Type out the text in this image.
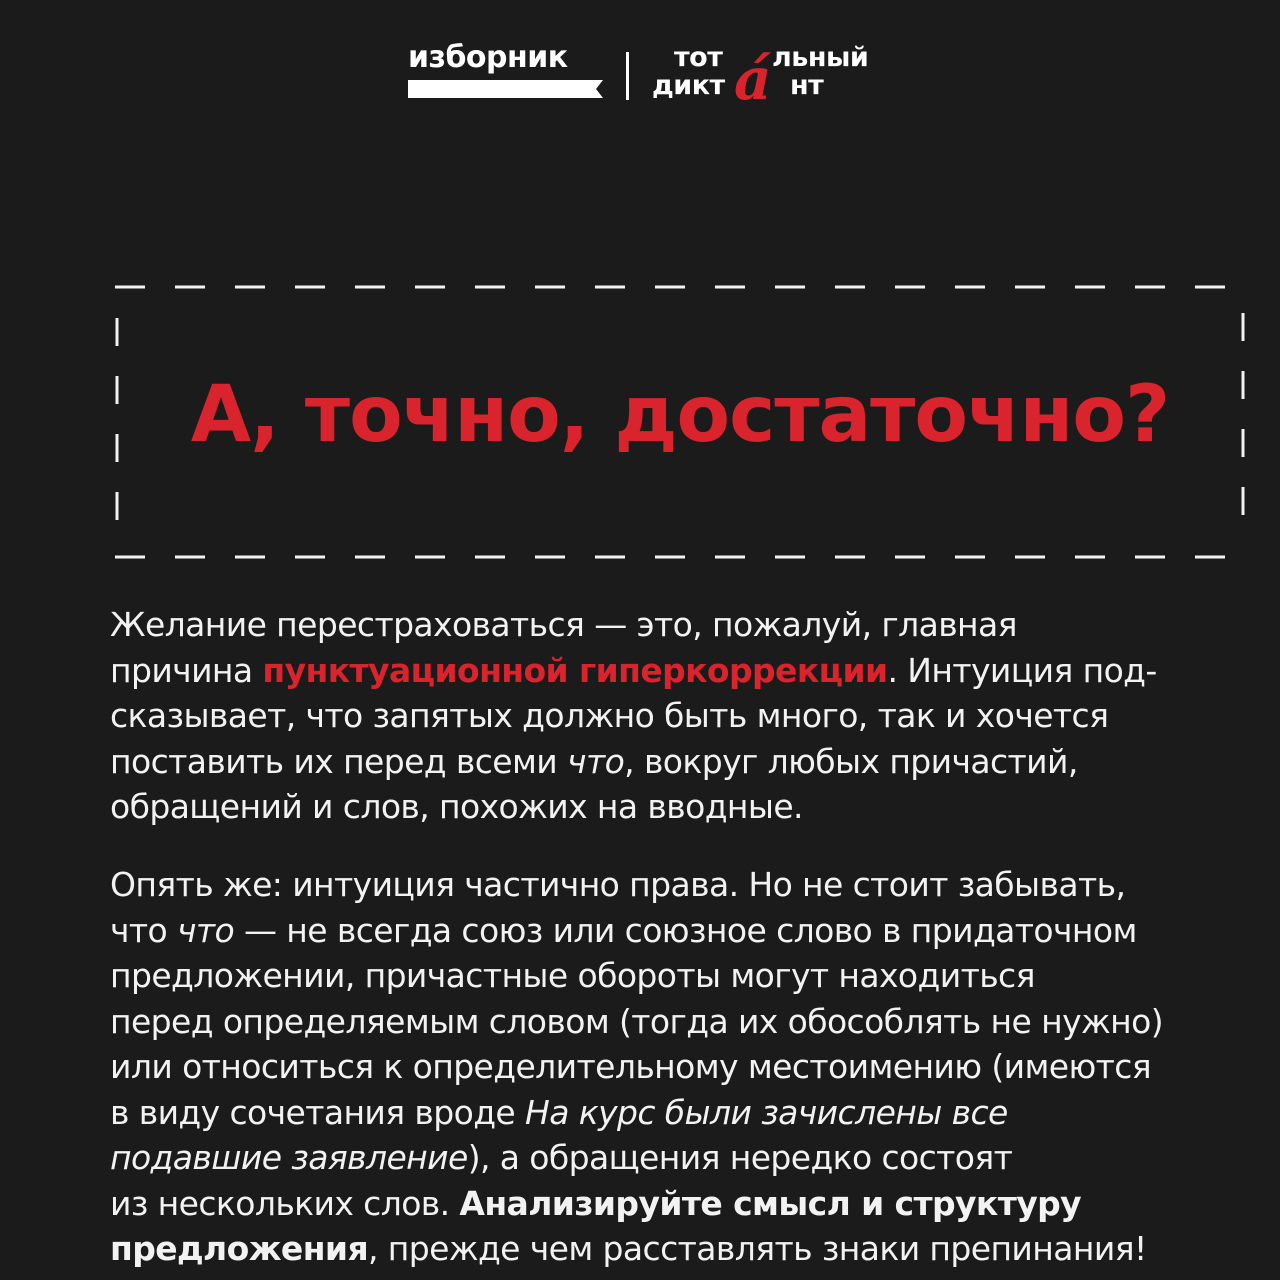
изборник	тот а́ льный
дикт нт
А, точно, достаточно?
Желание перестраховаться — это, пожалуй, главная
причина пунктуационной гиперкоррекции. Интуиция под-
сказывает, что запятых должно быть много, так и хочется
поставить их перед всеми что, вокруг любых причастий,
обращений и слов, похожих на вводные.
Опять же: интуиция частично права. Но не стоит забывать,
что что — не всегда союз или союзное слово в придаточном
предложении, причастные обороты могут находиться
перед определяемым словом (тогда их обособлять не нужно)
или относиться к определительному местоимению (имеются
в виду сочетания вроде На курс были зачислены все
подавшие заявление), а обращения нередко состоят
из нескольких слов. Анализируйте смысл и структуру
предложения, прежде чем расставлять знаки препинания!
